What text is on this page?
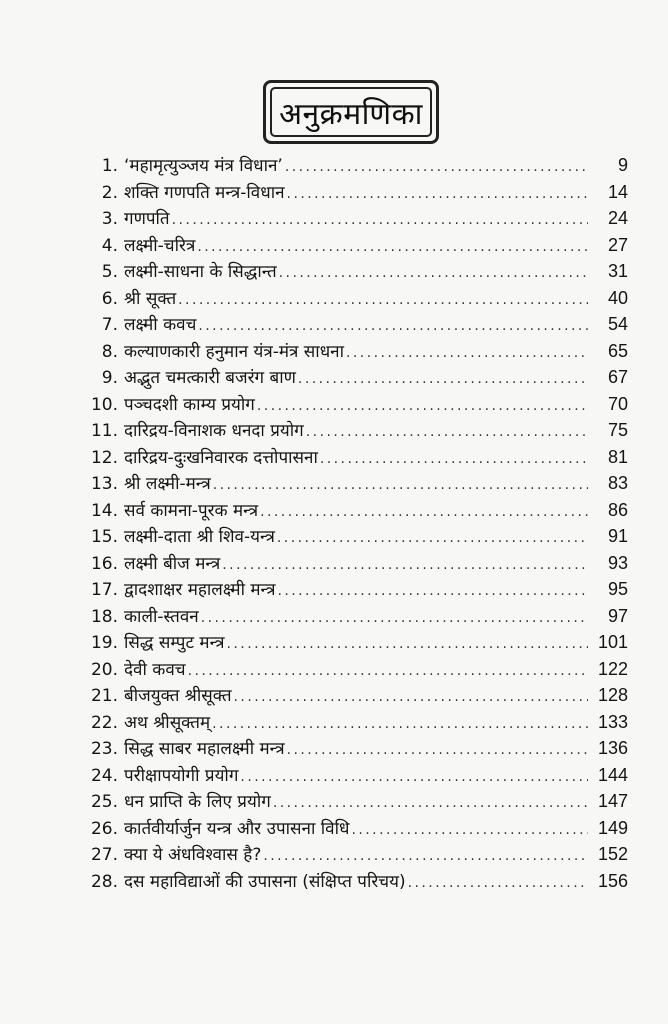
अनुक्रमणिका
1. ‘महामृत्युञ्जय मंत्र विधान’ . . .	9
2. शक्ति गणपति मन्त्र-विधान . . .	14
3. गणपति . . .	24
4. लक्ष्मी-चरित्र . . .	27
5. लक्ष्मी-साधना के सिद्धान्त . . .	31
6. श्री सूक्त . . .	40
7. लक्ष्मी कवच . . .	54
8. कल्याणकारी हनुमान यंत्र-मंत्र साधना . . .	65
9. अद्भुत चमत्कारी बजरंग बाण . . .	67
10. पञ्चदशी काम्य प्रयोग . . .	70
11. दारिद्रय-विनाशक धनदा प्रयोग . . .	75
12. दारिद्रय-दुःखनिवारक दत्तोपासना . . .	81
13. श्री लक्ष्मी-मन्त्र . . .	83
14. सर्व कामना-पूरक मन्त्र . . .	86
15. लक्ष्मी-दाता श्री शिव-यन्त्र . . .	91
16. लक्ष्मी बीज मन्त्र . . .	93
17. द्वादशाक्षर महालक्ष्मी मन्त्र . . .	95
18. काली-स्तवन . . .	97
19. सिद्ध सम्पुट मन्त्र . . .	101
20. देवी कवच . . .	122
21. बीजयुक्त श्रीसूक्त . . .	128
22. अथ श्रीसूक्तम् . . .	133
23. सिद्ध साबर महालक्ष्मी मन्त्र . . .	136
24. परीक्षापयोगी प्रयोग . . .	144
25. धन प्राप्ति के लिए प्रयोग . . .	147
26. कार्तवीर्यार्जुन यन्त्र और उपासना विधि . . .	149
27. क्या ये अंधविश्वास है? . . .	152
28. दस महाविद्याओं की उपासना (संक्षिप्त परिचय) . . .	156
